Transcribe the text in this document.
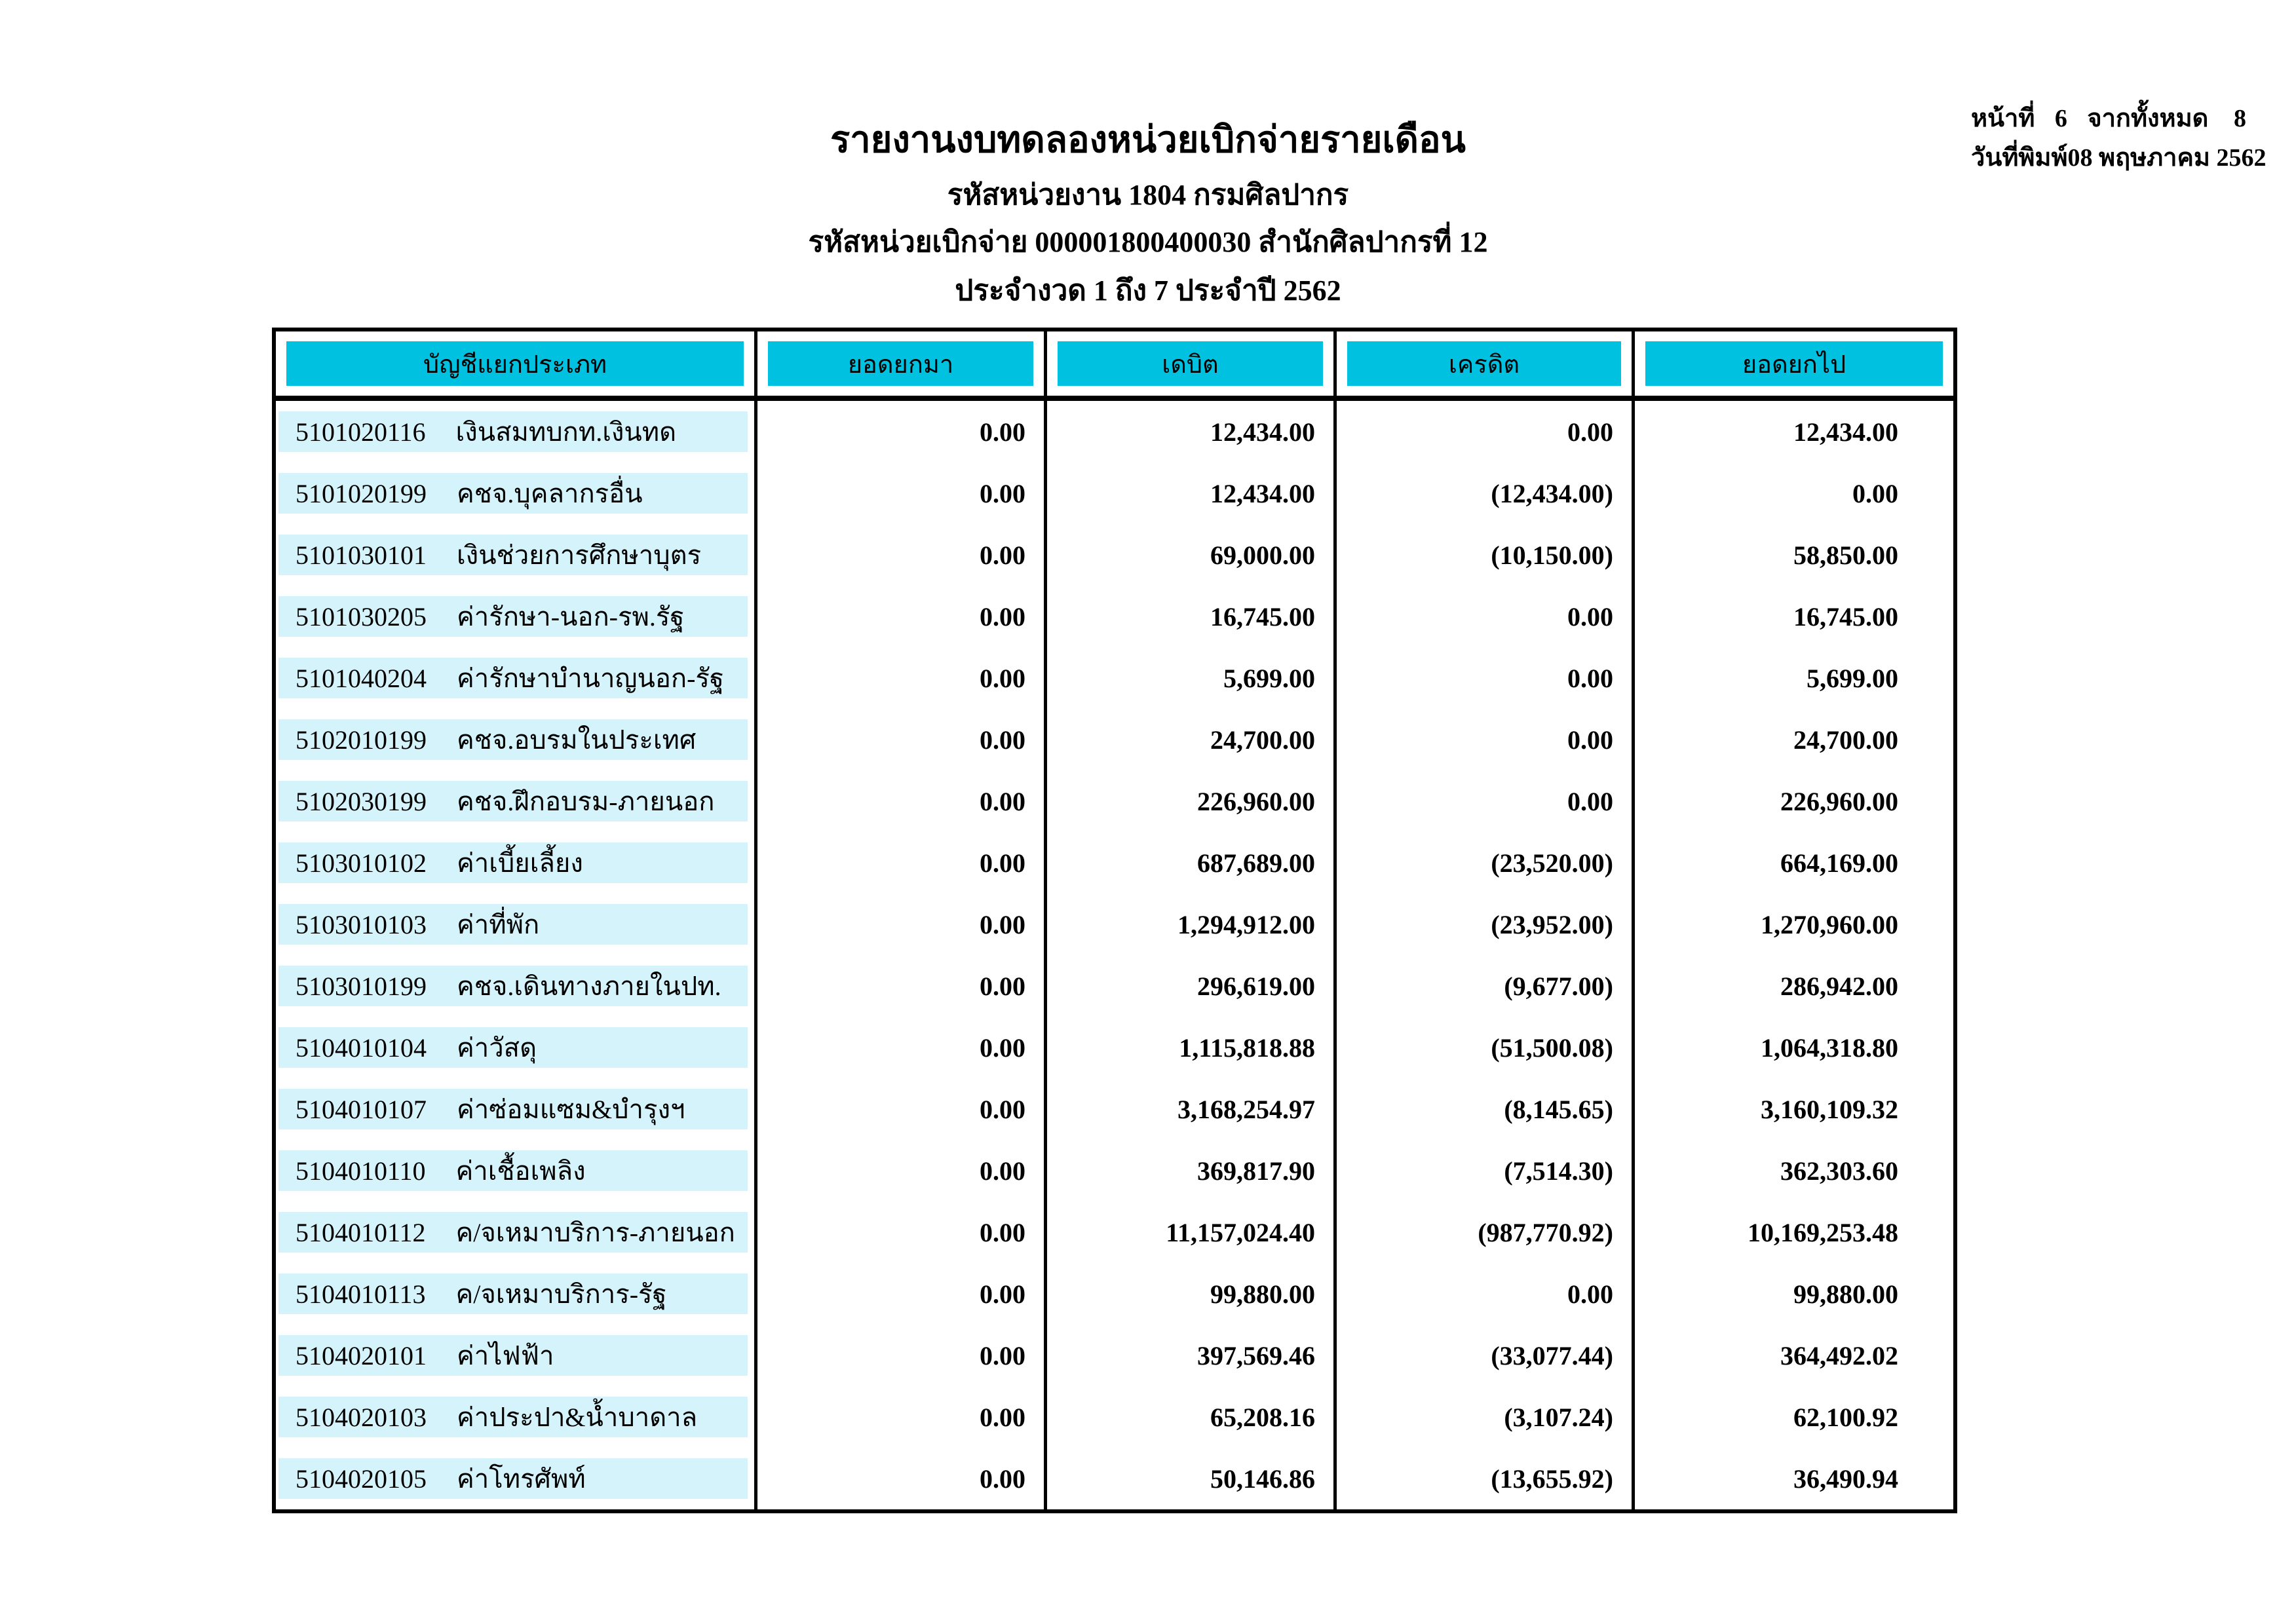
รายงานงบทดลองหน่วยเบิกจ่ายรายเดือน
รหัสหน่วยงาน 1804 กรมศิลปากร
รหัสหน่วยเบิกจ่าย 000001800400030 สำนักศิลปากรที่ 12
ประจำงวด 1 ถึง 7 ประจำปี 2562
หน้าที่ 6 จากทั้งหมด 8
วันที่พิมพ์ 08 พฤษภาคม 2562
บัญชีแยกประเภท	ยอดยกมา	เดบิต	เครดิต	ยอดยกไป
5101020116 เงินสมทบกท.เงินทด	0.00	12,434.00	0.00	12,434.00
5101020199 คชจ.บุคลากรอื่น	0.00	12,434.00	(12,434.00)	0.00
5101030101 เงินช่วยการศึกษาบุตร	0.00	69,000.00	(10,150.00)	58,850.00
5101030205 ค่ารักษา-นอก-รพ.รัฐ	0.00	16,745.00	0.00	16,745.00
5101040204 ค่ารักษาบำนาญนอก-รัฐ	0.00	5,699.00	0.00	5,699.00
5102010199 คชจ.อบรมในประเทศ	0.00	24,700.00	0.00	24,700.00
5102030199 คชจ.ฝึกอบรม-ภายนอก	0.00	226,960.00	0.00	226,960.00
5103010102 ค่าเบี้ยเลี้ยง	0.00	687,689.00	(23,520.00)	664,169.00
5103010103 ค่าที่พัก	0.00	1,294,912.00	(23,952.00)	1,270,960.00
5103010199 คชจ.เดินทางภายในปท.	0.00	296,619.00	(9,677.00)	286,942.00
5104010104 ค่าวัสดุ	0.00	1,115,818.88	(51,500.08)	1,064,318.80
5104010107 ค่าซ่อมแซม&บำรุงฯ	0.00	3,168,254.97	(8,145.65)	3,160,109.32
5104010110 ค่าเชื้อเพลิง	0.00	369,817.90	(7,514.30)	362,303.60
5104010112 ค/จเหมาบริการ-ภายนอก	0.00	11,157,024.40	(987,770.92)	10,169,253.48
5104010113 ค/จเหมาบริการ-รัฐ	0.00	99,880.00	0.00	99,880.00
5104020101 ค่าไฟฟ้า	0.00	397,569.46	(33,077.44)	364,492.02
5104020103 ค่าประปา&น้ำบาดาล	0.00	65,208.16	(3,107.24)	62,100.92
5104020105 ค่าโทรศัพท์	0.00	50,146.86	(13,655.92)	36,490.94
